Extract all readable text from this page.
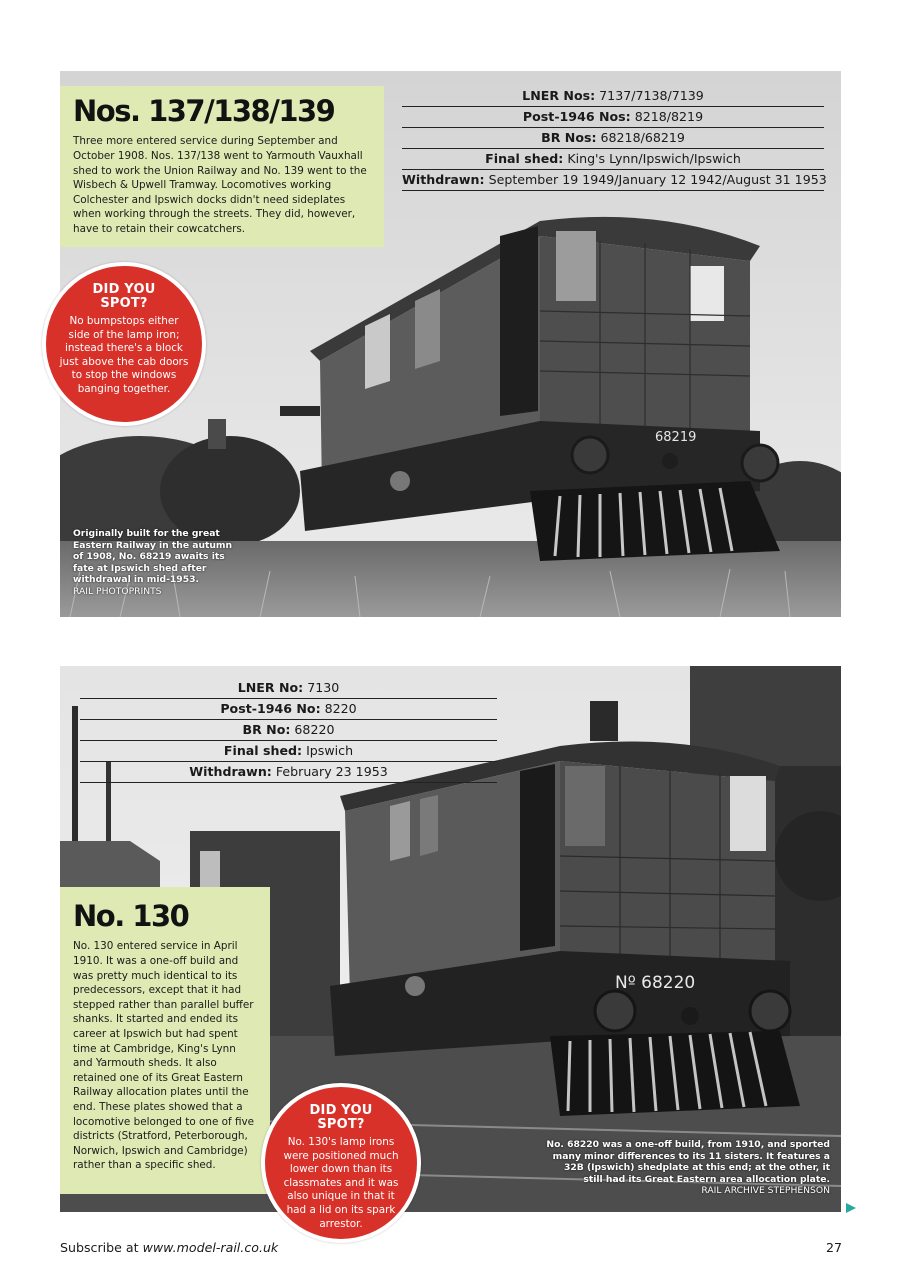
68219
Nº 68220
Nos. 137/138/139

Three more entered service during September and October 1908. Nos. 137/138 went to Yarmouth Vauxhall shed to work the Union Railway and No. 139 went to the Wisbech & Upwell Tramway. Locomotives working Colchester and Ipswich docks didn't need sideplates when working through the streets. They did, however, have to retain their cowcatchers.

LNER Nos: 7137/7138/7139
Post-1946 Nos: 8218/8219
BR Nos: 68218/68219
Final shed: King's Lynn/Ipswich/Ipswich
Withdrawn: September 19 1949/January 12 1942/August 31 1953
DID YOU
SPOT?
No bumpstops either side of the lamp iron; instead there's a block just above the cab doors to stop the windows banging together.
Originally built for the great Eastern Railway in the autumn of 1908, No. 68219 awaits its fate at Ipswich shed after withdrawal in mid-1953.
RAIL PHOTOPRINTS
LNER No: 7130
Post-1946 No: 8220
BR No: 68220
Final shed: Ipswich
Withdrawn: February 23 1953
No. 130

No. 130 entered service in April 1910. It was a one-off build and was pretty much identical to its predecessors, except that it had stepped rather than parallel buffer shanks. It started and ended its career at Ipswich but had spent time at Cambridge, King's Lynn and Yarmouth sheds. It also retained one of its Great Eastern Railway allocation plates until the end. These plates showed that a locomotive belonged to one of five districts (Stratford, Peterborough, Norwich, Ipswich and Cambridge) rather than a specific shed.

No. 68220 was a one-off build, from 1910, and sported many minor differences to its 11 sisters. It features a 32B (Ipswich) shedplate at this end; at the other, it still had its Great Eastern area allocation plate.
RAIL ARCHIVE STEPHENSON
DID YOU
SPOT?
No. 130's lamp irons were positioned much lower down than its classmates and it was also unique in that it had a lid on its spark arrestor.
Subscribe at www.model-rail.co.uk	27
